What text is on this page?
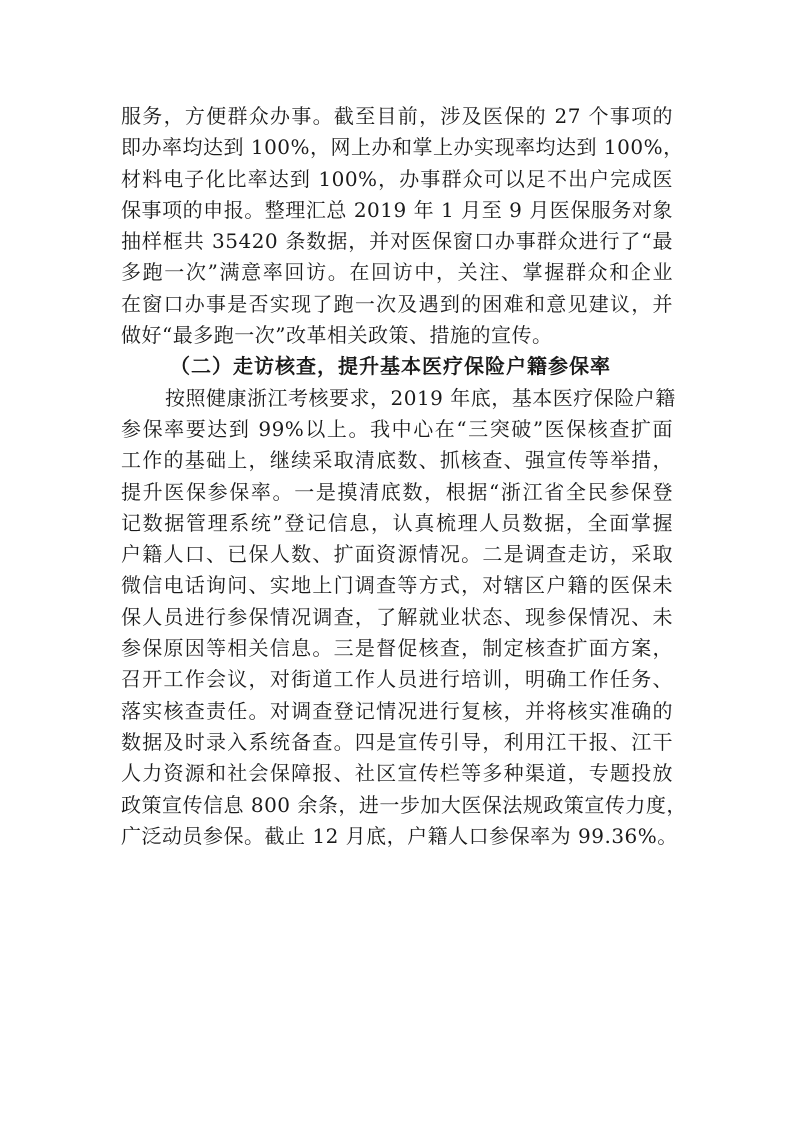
服务，方便群众办事。截至目前，涉及医保的 27 个事项的
即办率均达到 100%，网上办和掌上办实现率均达到 100%，
材料电子化比率达到 100%，办事群众可以足不出户完成医
保事项的申报。整理汇总 2019 年 1 月至 9 月医保服务对象
抽样框共 35420 条数据，并对医保窗口办事群众进行了“最
多跑一次”满意率回访。在回访中，关注、掌握群众和企业
在窗口办事是否实现了跑一次及遇到的困难和意见建议，并
做好“最多跑一次”改革相关政策、措施的宣传。
（二）走访核查，提升基本医疗保险户籍参保率
按照健康浙江考核要求，2019 年底，基本医疗保险户籍
参保率要达到 99%以上。我中心在“三突破”医保核查扩面
工作的基础上，继续采取清底数、抓核查、强宣传等举措，
提升医保参保率。一是摸清底数，根据“浙江省全民参保登
记数据管理系统”登记信息，认真梳理人员数据，全面掌握
户籍人口、已保人数、扩面资源情况。二是调查走访，采取
微信电话询问、实地上门调查等方式，对辖区户籍的医保未
保人员进行参保情况调查，了解就业状态、现参保情况、未
参保原因等相关信息。三是督促核查，制定核查扩面方案，
召开工作会议，对街道工作人员进行培训，明确工作任务、
落实核查责任。对调查登记情况进行复核，并将核实准确的
数据及时录入系统备查。四是宣传引导，利用江干报、江干
人力资源和社会保障报、社区宣传栏等多种渠道，专题投放
政策宣传信息 800 余条，进一步加大医保法规政策宣传力度，
广泛动员参保。截止 12 月底，户籍人口参保率为 99.36%。
